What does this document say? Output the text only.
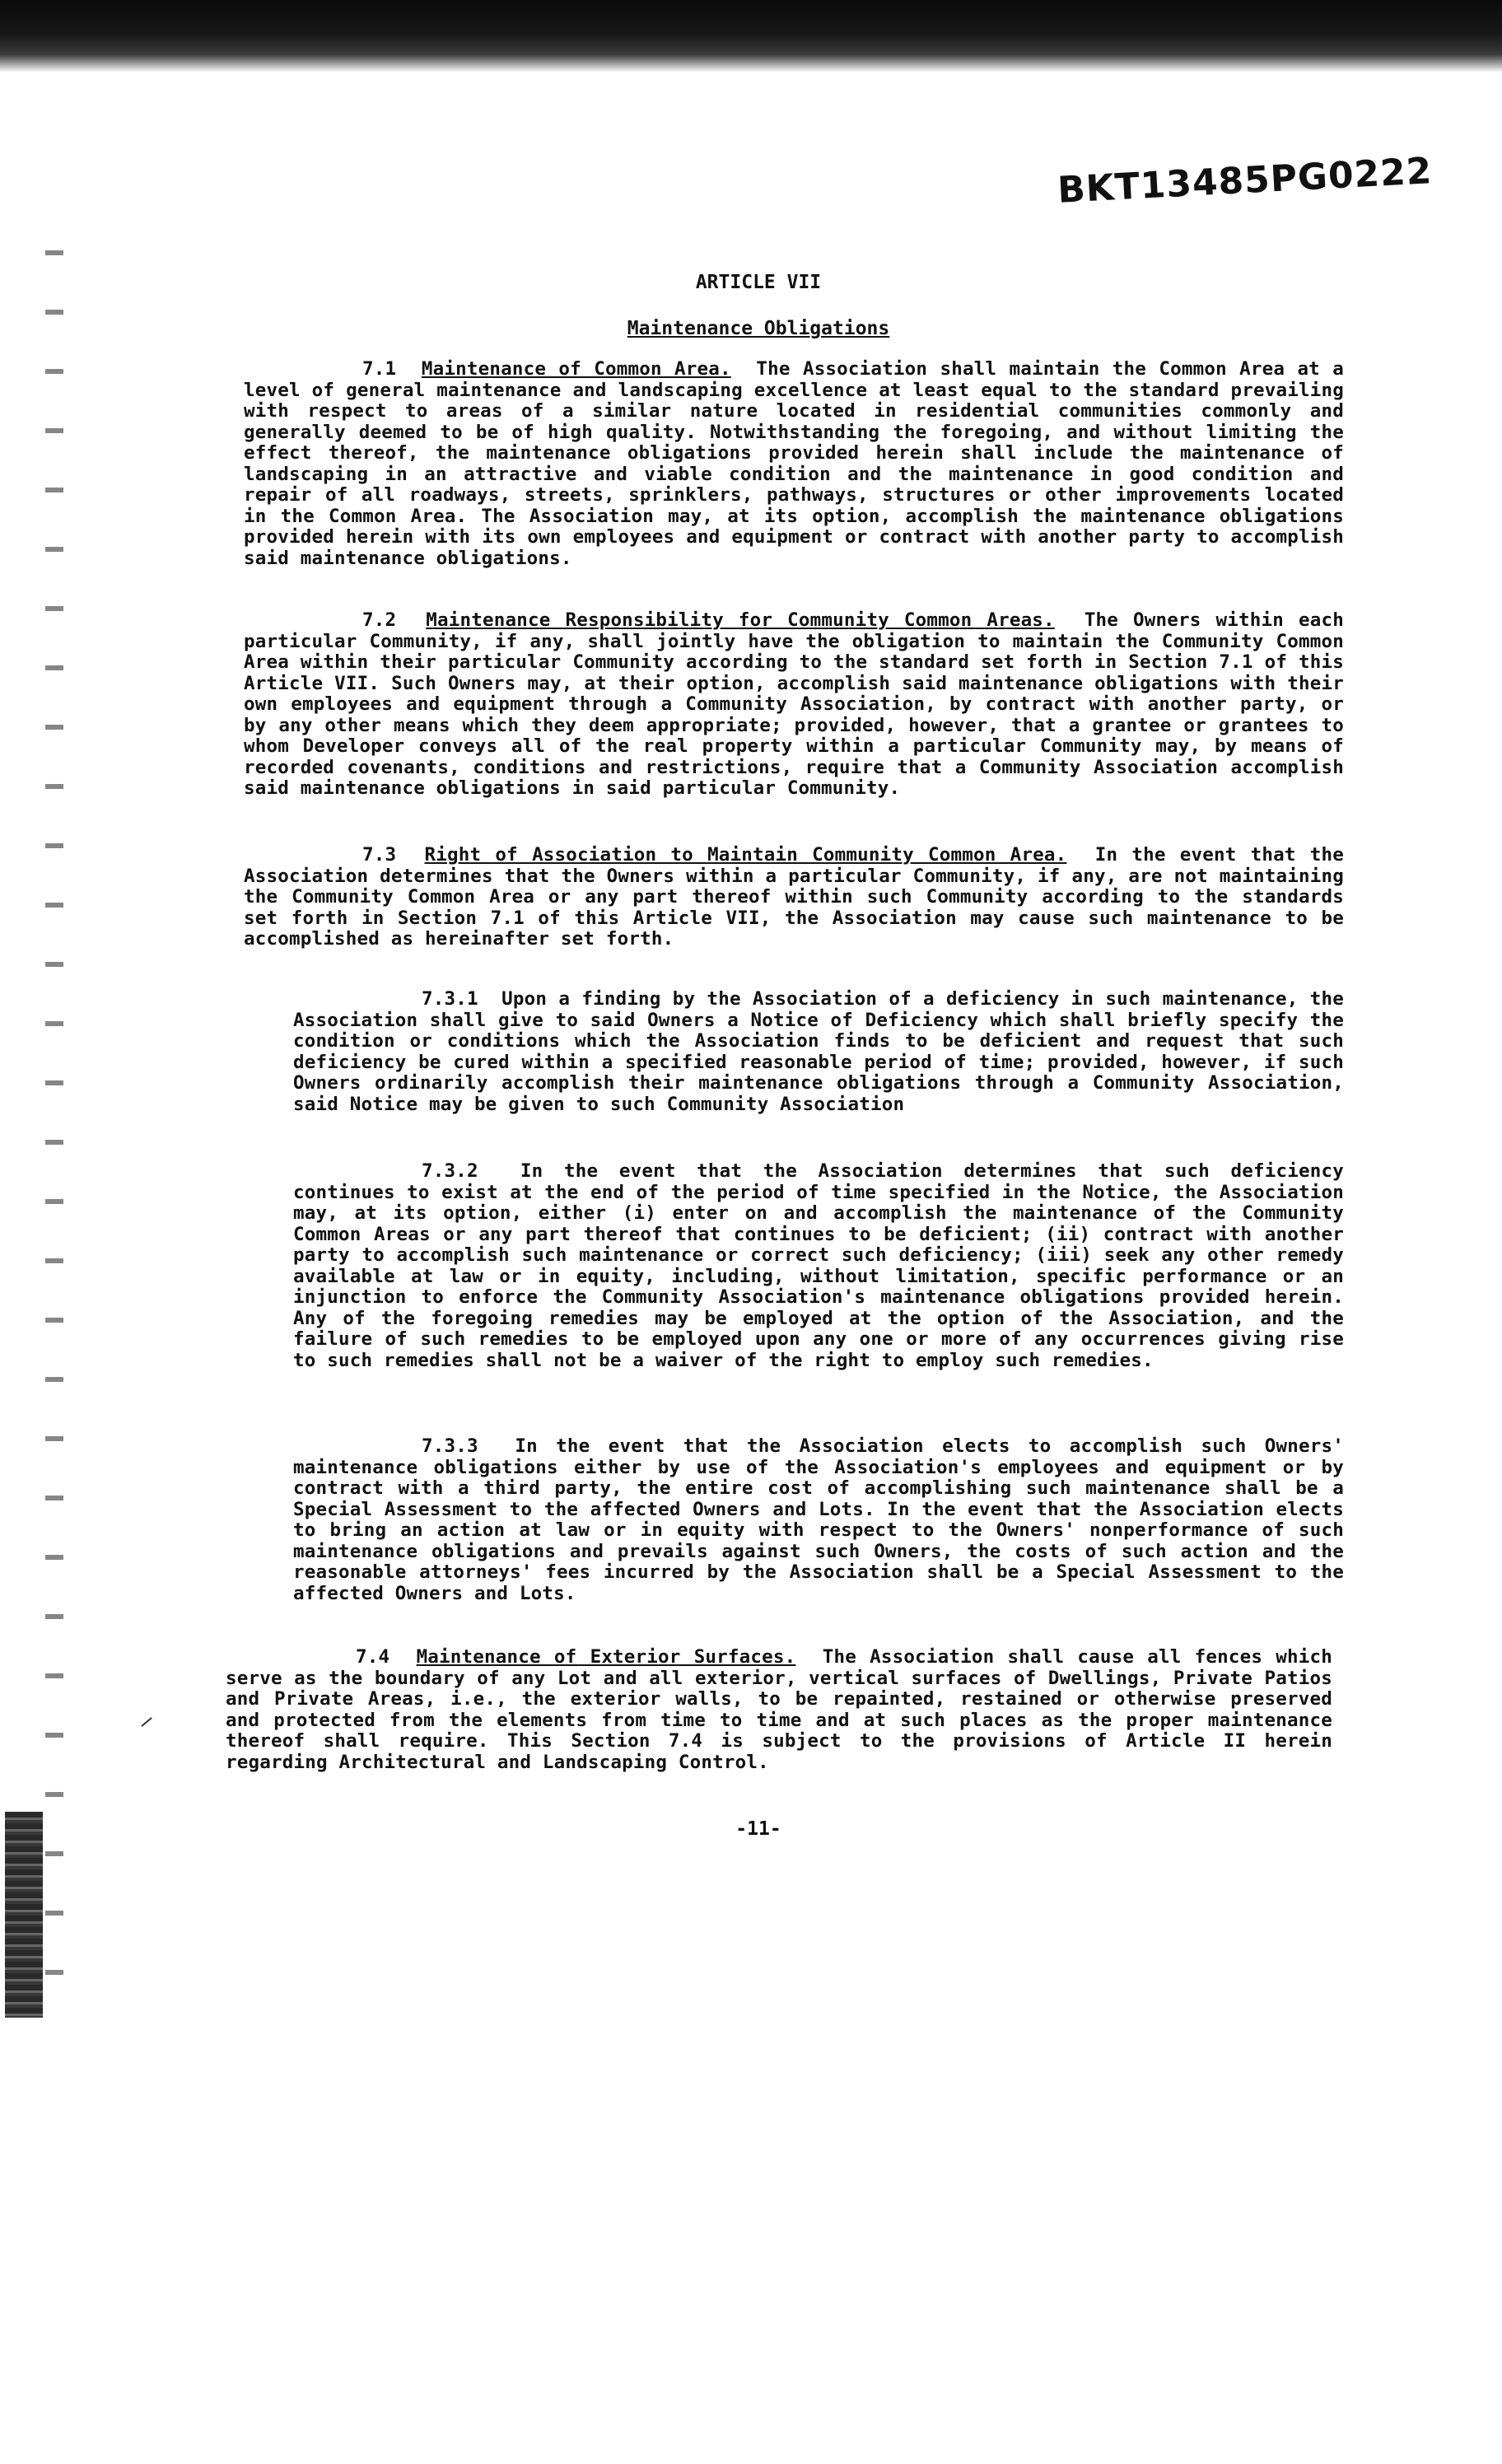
BKT13485PG0222
ARTICLE VII
Maintenance Obligations

7.1 Maintenance of Common Area. The Association shall maintain the Common Area at a level of general maintenance and landscaping excellence at least equal to the standard prevailing with respect to areas of a similar nature located in residential communities commonly and generally deemed to be of high quality. Notwithstanding the foregoing, and without limiting the effect thereof, the maintenance obligations provided herein shall include the maintenance of landscaping in an attractive and viable condition and the maintenance in good condition and repair of all roadways, streets, sprinklers, pathways, structures or other improvements located in the Common Area. The Association may, at its option, accomplish the maintenance obligations provided herein with its own employees and equipment or contract with another party to accomplish said maintenance obligations.

7.2 Maintenance Responsibility for Community Common Areas. The Owners within each particular Community, if any, shall jointly have the obligation to maintain the Community Common Area within their particular Community according to the standard set forth in Section 7.1 of this Article VII. Such Owners may, at their option, accomplish said maintenance obligations with their own employees and equipment through a Community Association, by contract with another party, or by any other means which they deem appropriate; provided, however, that a grantee or grantees to whom Developer conveys all of the real property within a particular Community may, by means of recorded covenants, conditions and restrictions, require that a Community Association accomplish said maintenance obligations in said particular Community.

7.3 Right of Association to Maintain Community Common Area. In the event that the Association determines that the Owners within a particular Community, if any, are not maintaining the Community Common Area or any part thereof within such Community according to the standards set forth in Section 7.1 of this Article VII, the Association may cause such maintenance to be accomplished as hereinafter set forth.

7.3.1 Upon a finding by the Association of a deficiency in such maintenance, the Association shall give to said Owners a Notice of Deficiency which shall briefly specify the condition or conditions which the Association finds to be deficient and request that such deficiency be cured within a specified reasonable period of time; provided, however, if such Owners ordinarily accomplish their maintenance obligations through a Community Association, said Notice may be given to such Community Association

7.3.2 In the event that the Association determines that such deficiency continues to exist at the end of the period of time specified in the Notice, the Association may, at its option, either (i) enter on and accomplish the maintenance of the Community Common Areas or any part thereof that continues to be deficient; (ii) contract with another party to accomplish such maintenance or correct such deficiency; (iii) seek any other remedy available at law or in equity, including, without limitation, specific performance or an injunction to enforce the Community Association's maintenance obligations provided herein. Any of the foregoing remedies may be employed at the option of the Association, and the failure of such remedies to be employed upon any one or more of any occurrences giving rise to such remedies shall not be a waiver of the right to employ such remedies.

7.3.3 In the event that the Association elects to accomplish such Owners' maintenance obligations either by use of the Association's employees and equipment or by contract with a third party, the entire cost of accomplishing such maintenance shall be a Special Assessment to the affected Owners and Lots. In the event that the Association elects to bring an action at law or in equity with respect to the Owners' nonperformance of such maintenance obligations and prevails against such Owners, the costs of such action and the reasonable attorneys' fees incurred by the Association shall be a Special Assessment to the affected Owners and Lots.

7.4 Maintenance of Exterior Surfaces. The Association shall cause all fences which serve as the boundary of any Lot and all exterior, vertical surfaces of Dwellings, Private Patios and Private Areas, i.e., the exterior walls, to be repainted, restained or otherwise preserved and protected from the elements from time to time and at such places as the proper maintenance thereof shall require. This Section 7.4 is subject to the provisions of Article II herein regarding Architectural and Landscaping Control.

-11-
